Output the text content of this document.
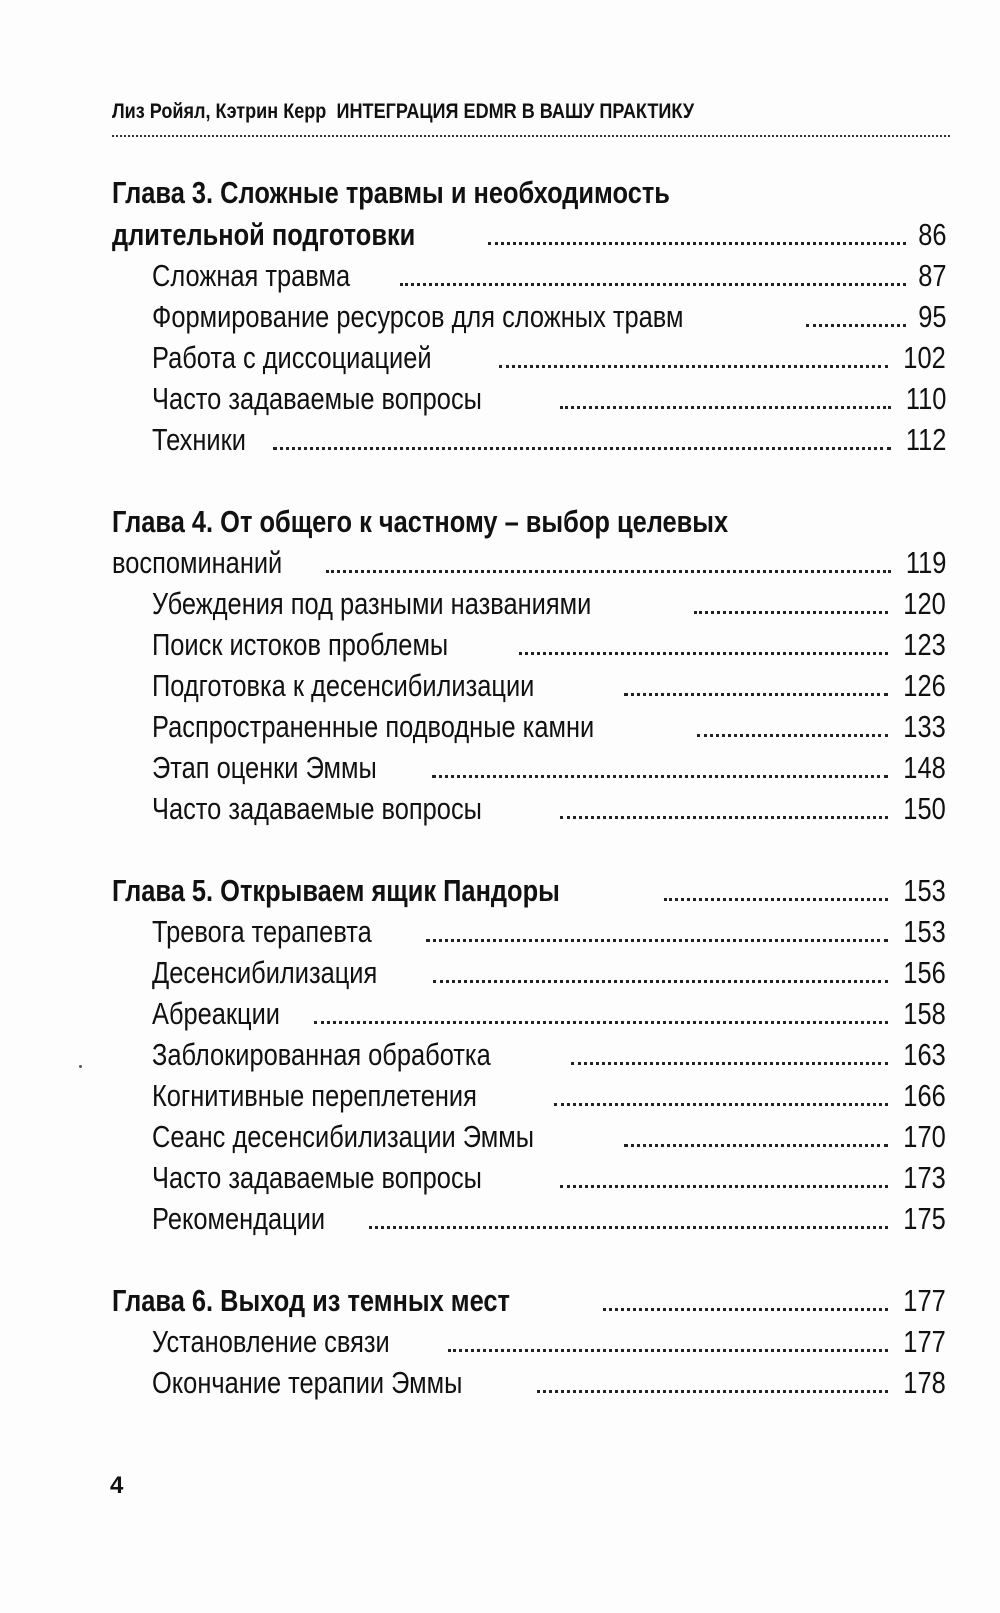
Лиз Ройял, Кэтрин Керр ИНТЕГРАЦИЯ EDMR В ВАШУ ПРАКТИКУ
Глава 3. Сложные травмы и необходимость
длительной подготовки	86
Сложная травма	87
Формирование ресурсов для сложных травм	95
Работа с диссоциацией	102
Часто задаваемые вопросы	110
Техники	112
Глава 4. От общего к частному – выбор целевых
воспоминаний	119
Убеждения под разными названиями	120
Поиск истоков проблемы	123
Подготовка к десенсибилизации	126
Распространенные подводные камни	133
Этап оценки Эммы	148
Часто задаваемые вопросы	150
Глава 5. Открываем ящик Пандоры	153
Тревога терапевта	153
Десенсибилизация	156
Абреакции	158
Заблокированная обработка	163
Когнитивные переплетения	166
Сеанс десенсибилизации Эммы	170
Часто задаваемые вопросы	173
Рекомендации	175
Глава 6. Выход из темных мест	177
Установление связи	177
Окончание терапии Эммы	178
4
